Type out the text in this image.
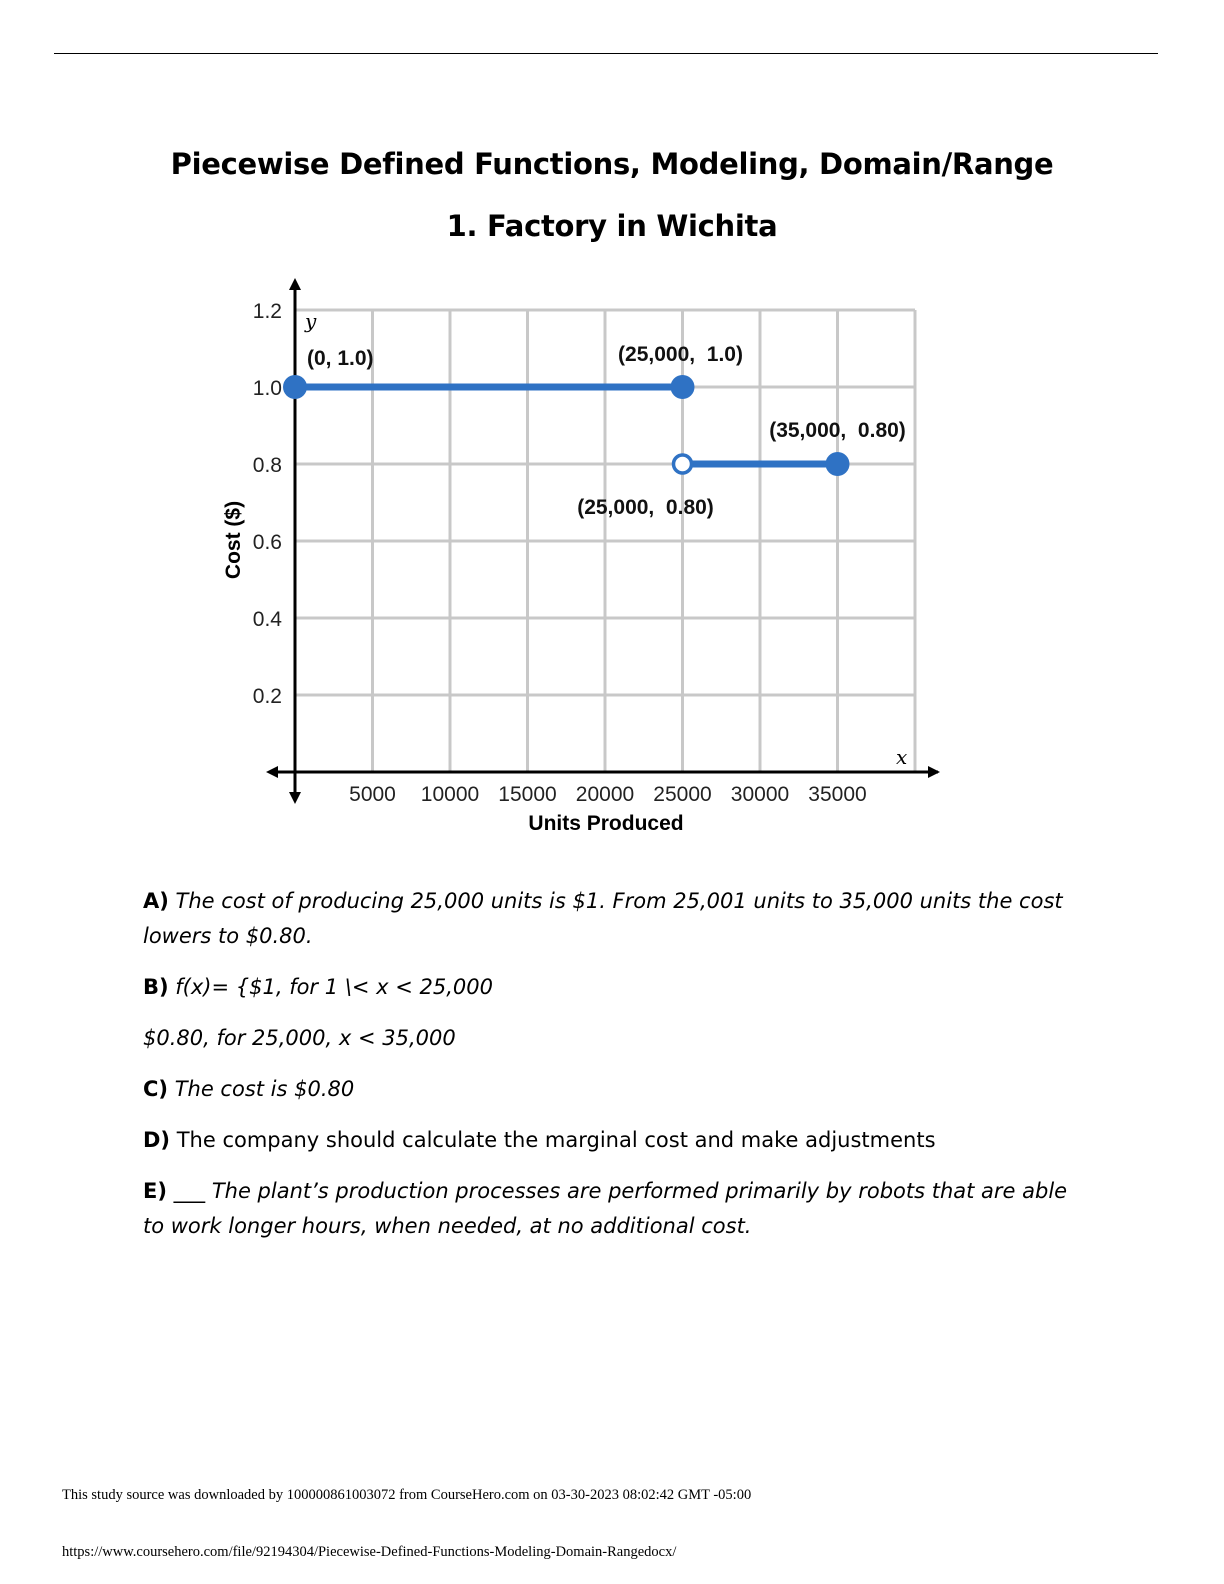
Piecewise Defined Functions, Modeling, Domain/Range
1. Factory in Wichita
0.2
0.4
0.6
0.8
1.0
1.2
5000 10000 15000 20000 25000 30000 35000
y
x
Units Produced
Cost ($)
(0, 1.0)	(25,000,  1.0)
(35,000,  0.80)
(25,000,  0.80)

A) The cost of producing 25,000 units is $1. From 25,001 units to 35,000 units the cost lowers to $0.80.

B) f(x)= {$1, for 1 \< x < 25,000

$0.80, for 25,000, x < 35,000

C) The cost is $0.80

D) The company should calculate the marginal cost and make adjustments

E) ___ The plant’s production processes are performed primarily by robots that are able to work longer hours, when needed, at no additional cost.

This study source was downloaded by 100000861003072 from CourseHero.com on 03-30-2023 08:02:42 GMT -05:00
https://www.coursehero.com/file/92194304/Piecewise-Defined-Functions-Modeling-Domain-Rangedocx/
